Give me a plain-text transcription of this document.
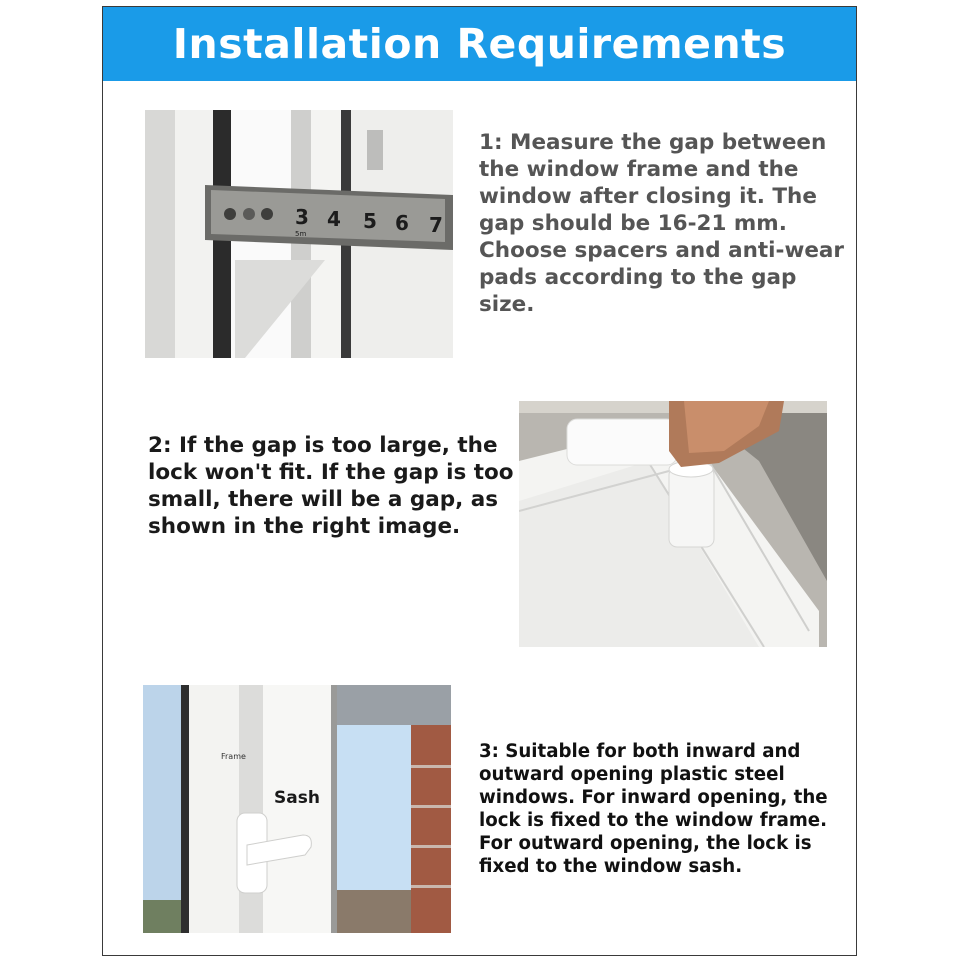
Installation Requirements
3 4 5 6 7
5m

1: Measure the gap between the window frame and the window after closing it. The gap should be 16-21 mm. Choose spacers and anti-wear pads according to the gap size.

2: If the gap is too large, the lock won't fit. If the gap is too small, there will be a gap, as shown in the right image.

Frame
Sash

3: Suitable for both inward and outward opening plastic steel windows. For inward opening, the lock is fixed to the window frame. For outward opening, the lock is fixed to the window sash.
